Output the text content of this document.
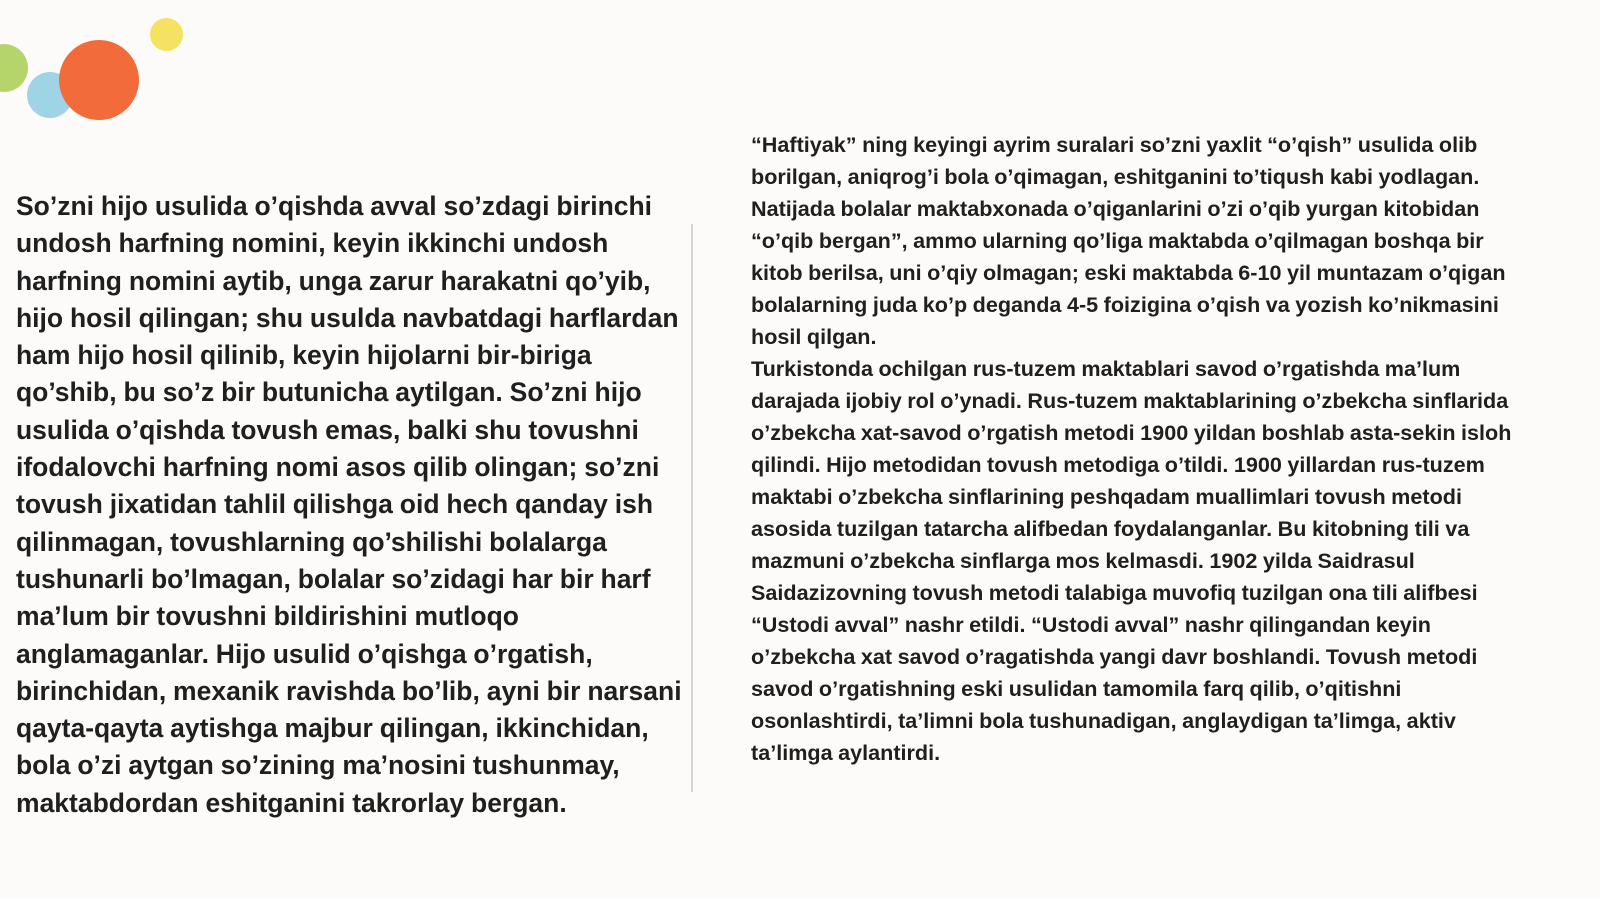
So’zni hijo usulida o’qishda avval so’zdagi birinchi undosh harfning nomini, keyin ikkinchi undosh harfning nomini aytib, unga zarur harakatni qo’yib, hijo hosil qilingan; shu usulda navbatdagi harflardan ham hijo hosil qilinib, keyin hijolarni bir-biriga qo’shib, bu so’z bir butunicha aytilgan. So’zni hijo usulida o’qishda tovush emas, balki shu tovushni ifodalovchi harfning nomi asos qilib olingan; so’zni tovush jixatidan tahlil qilishga oid hech qanday ish qilinmagan, tovushlarning qo’shilishi bolalarga tushunarli bo’lmagan, bolalar so’zidagi har bir harf ma’lum bir tovushni bildirishini mutloqo anglamaganlar. Hijo usulid o’qishga o’rgatish, birinchidan, mexanik ravishda bo’lib, ayni bir narsani qayta-qayta aytishga majbur qilingan, ikkinchidan, bola o’zi aytgan so’zining ma’nosini tushunmay, maktabdordan eshitganini takrorlay bergan.

“Haftiyak” ning keyingi ayrim suralari so’zni yaxlit “o’qish” usulida olib borilgan, aniqrog’i bola o’qimagan, eshitganini to’tiqush kabi yodlagan. Natijada bolalar maktabxonada o’qiganlarini o’zi o’qib yurgan kitobidan “o’qib bergan”, ammo ularning qo’liga maktabda o’qilmagan boshqa bir kitob berilsa, uni o’qiy olmagan; eski maktabda 6-10 yil muntazam o’qigan bolalarning juda ko’p deganda 4-5 foizigina o’qish va yozish ko’nikmasini hosil qilgan.

Turkistonda ochilgan rus-tuzem maktablari savod o’rgatishda ma’lum darajada ijobiy rol o’ynadi. Rus-tuzem maktablarining o’zbekcha sinflarida o’zbekcha xat-savod o’rgatish metodi 1900 yildan boshlab asta-sekin isloh qilindi. Hijo metodidan tovush metodiga o’tildi. 1900 yillardan rus-tuzem maktabi o’zbekcha sinflarining peshqadam muallimlari tovush metodi asosida tuzilgan tatarcha alifbedan foydalanganlar. Bu kitobning tili va mazmuni o’zbekcha sinflarga mos kelmasdi. 1902 yilda Saidrasul Saidazizovning tovush metodi talabiga muvofiq tuzilgan ona tili alifbesi “Ustodi avval” nashr etildi. “Ustodi avval” nashr qilingandan keyin o’zbekcha xat savod o’ragatishda yangi davr boshlandi. Tovush metodi savod o’rgatishning eski usulidan tamomila farq qilib, o’qitishni osonlashtirdi, ta’limni bola tushunadigan, anglaydigan ta’limga, aktiv ta’limga aylantirdi.
